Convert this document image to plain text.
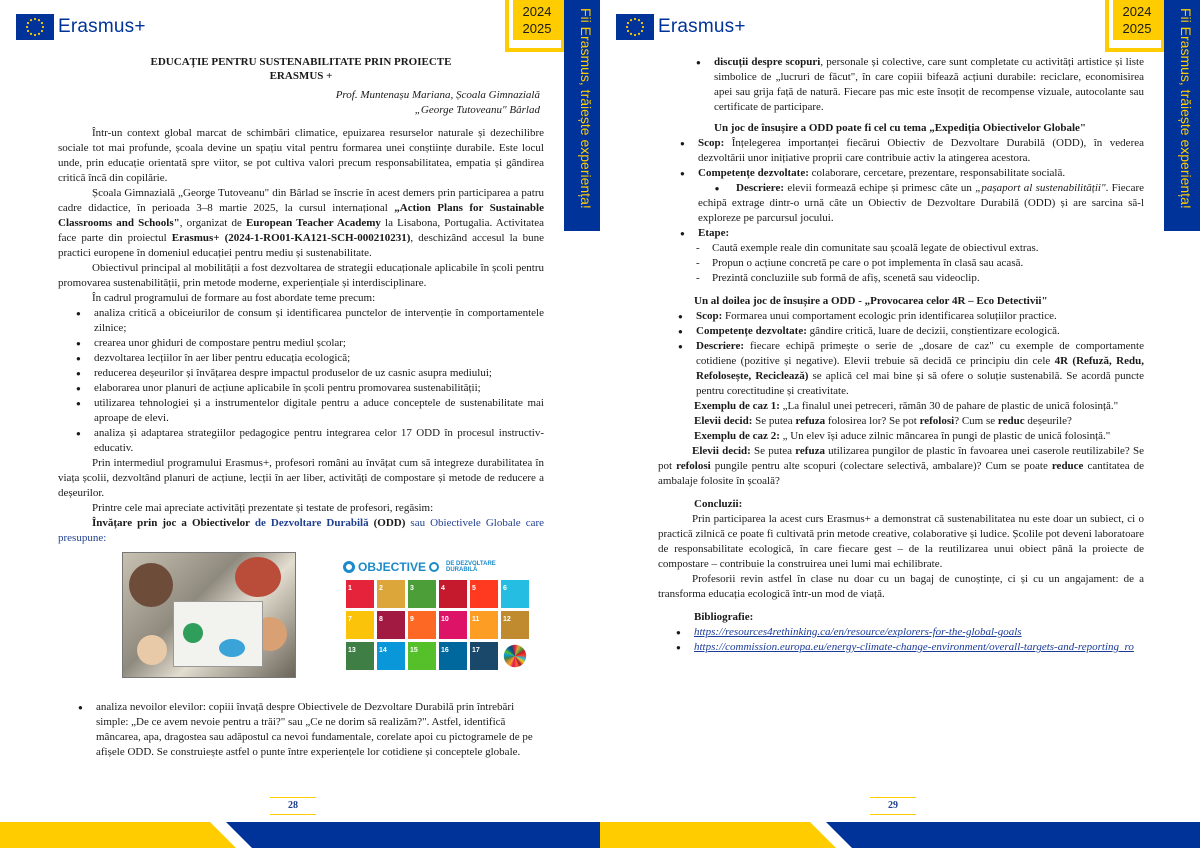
Erasmus+
2024
2025	Fii Erasmus, trăiește experiența!
EDUCAȚIE PENTRU SUSTENABILITATE PRIN PROIECTE
ERASMUS +
Prof. Muntenașu Mariana, Școala Gimnazială
„George Tutoveanu" Bârlad

Într-un context global marcat de schimbări climatice, epuizarea resurselor naturale și dezechilibre sociale tot mai profunde, școala devine un spațiu vital pentru formarea unei conștiințe durabile. Este locul unde, prin educație orientată spre viitor, se pot cultiva valori precum responsabilitatea, empatia și gândirea critică încă din copilărie.

Școala Gimnazială „George Tutoveanu" din Bârlad se înscrie în acest demers prin participarea a patru cadre didactice, în perioada 3–8 martie 2025, la cursul internațional „Action Plans for Sustainable Classrooms and Schools", organizat de European Teacher Academy la Lisabona, Portugalia. Activitatea face parte din proiectul Erasmus+ (2024-1-RO01-KA121-SCH-000210231), deschizând accesul la bune practici europene în domeniul educației pentru mediu și sustenabilitate.

Obiectivul principal al mobilității a fost dezvoltarea de strategii educaționale aplicabile în școli pentru promovarea sustenabilității, prin metode moderne, experiențiale și interdisciplinare.

În cadrul programului de formare au fost abordate teme precum:

● analiza critică a obiceiurilor de consum și identificarea punctelor de intervenție în comportamentele zilnice;
● crearea unor ghiduri de compostare pentru mediul școlar;
● dezvoltarea lecțiilor în aer liber pentru educația ecologică;
● reducerea deșeurilor și învățarea despre impactul produselor de uz casnic asupra mediului;
● elaborarea unor planuri de acțiune aplicabile în școli pentru promovarea sustenabilității;
● utilizarea tehnologiei și a instrumentelor digitale pentru a aduce conceptele de sustenabilitate mai aproape de elevi.
● analiza și adaptarea strategiilor pedagogice pentru integrarea celor 17 ODD în procesul instructiv-educativ.

Prin intermediul programului Erasmus+, profesori români au învățat cum să integreze durabilitatea în viața școlii, dezvoltând planuri de acțiune, lecții în aer liber, activități de compostare și metode de reducere a deșeurilor.

Printre cele mai apreciate activități prezentate și testate de profesori, regăsim:

Învățare prin joc a Obiectivelor de Dezvoltare Durabilă (ODD) sau Obiectivele Globale care presupune:

OBJECTIVE	DE DEZVOLTARE
DURABILĂ
1	2	3	4	5	6
7	8	9	10	11	12
13	14	15	16	17
● analiza nevoilor elevilor: copiii învață despre Obiectivele de Dezvoltare Durabilă prin întrebări simple: „De ce avem nevoie pentru a trăi?" sau „Ce ne dorim să realizăm?". Astfel, identifică mâncarea, apa, dragostea sau adăpostul ca nevoi fundamentale, corelate apoi cu pictogramele de pe afișele ODD. Se construiește astfel o punte între experiențele lor cotidiene și conceptele globale.
28
Erasmus+
2024
2025	Fii Erasmus, trăiește experiența!
● discuții despre scopuri, personale și colective, care sunt completate cu activități artistice și liste simbolice de „lucruri de făcut", în care copiii bifează acțiuni durabile: reciclare, economisirea apei sau grija față de natură. Fiecare pas mic este însoțit de recompense vizuale, autocolante sau certificate de participare.

Un joc de însușire a ODD poate fi cel cu tema „Expediția Obiectivelor Globale"

● Scop: Înțelegerea importanței fiecărui Obiectiv de Dezvoltare Durabilă (ODD), în vederea dezvoltării unor inițiative proprii care contribuie activ la atingerea acestora.
● Competențe dezvoltate: colaborare, cercetare, prezentare, responsabilitate socială.

● Descriere: elevii formează echipe și primesc câte un „pașaport al sustenabilității". Fiecare echipă extrage dintr-o urnă câte un Obiectiv de Dezvoltare Durabilă (ODD) și are sarcina să-l exploreze pe parcursul jocului.

● Etape:
- Caută exemple reale din comunitate sau școală legate de obiectivul extras.
- Propun o acțiune concretă pe care o pot implementa în clasă sau acasă.
- Prezintă concluziile sub formă de afiș, scenetă sau videoclip.

Un al doilea joc de însușire a ODD - „Provocarea celor 4R – Eco Detectivii"

● Scop: Formarea unui comportament ecologic prin identificarea soluțiilor practice.
● Competențe dezvoltate: gândire critică, luare de decizii, conștientizare ecologică.
● Descriere: fiecare echipă primește o serie de „dosare de caz" cu exemple de comportamente cotidiene (pozitive și negative). Elevii trebuie să decidă ce principiu din cele 4R (Refuză, Redu, Refolosește, Reciclează) se aplică cel mai bine și să ofere o soluție sustenabilă. Se acordă puncte pentru corectitudine și creativitate.

Exemplu de caz 1: „La finalul unei petreceri, rămân 30 de pahare de plastic de unică folosință."

Elevii decid: Se putea refuza folosirea lor? Se pot refolosi? Cum se reduc deșeurile?

Exemplu de caz 2: „ Un elev își aduce zilnic mâncarea în pungi de plastic de unică folosință."

Elevii decid: Se putea refuza utilizarea pungilor de plastic în favoarea unei caserole reutilizabile? Se pot refolosi pungile pentru alte scopuri (colectare selectivă, ambalare)? Cum se poate reduce cantitatea de ambalaje folosite în școală?

Concluzii:

Prin participarea la acest curs Erasmus+ a demonstrat că sustenabilitatea nu este doar un subiect, ci o practică zilnică ce poate fi cultivată prin metode creative, colaborative și ludice. Școlile pot deveni laboratoare de responsabilitate ecologică, în care fiecare gest – de la reutilizarea unui obiect până la proiecte de compostare – contribuie la construirea unei lumi mai echilibrate.

Profesorii revin astfel în clase nu doar cu un bagaj de cunoștințe, ci și cu un angajament: de a transforma educația ecologică într-un mod de viață.

Bibliografie:

● https://resources4rethinking.ca/en/resource/explorers-for-the-global-goals
● https://commission.europa.eu/energy-climate-change-environment/overall-targets-and-reporting_ro
29
